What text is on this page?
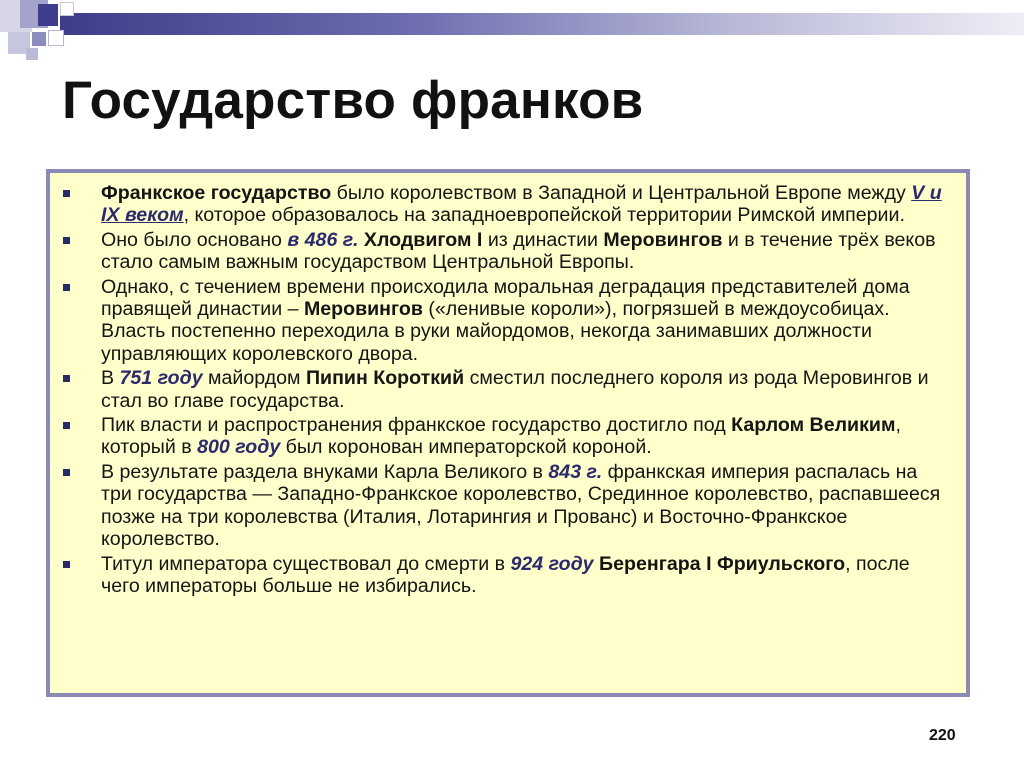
Государство франков
Франкское государство было королевством в Западной и Центральной Европе между V и IX веком, которое образовалось на западноевропейской территории Римской империи.
Оно было основано в 486 г. Хлодвигом I из династии Меровингов и в течение трёх веков стало самым важным государством Центральной Европы.
Однако, с течением времени происходила моральная деградация представителей дома правящей династии – Меровингов («ленивые короли»), погрязшей в междоусобицах. Власть постепенно переходила в руки майордомов, некогда занимавших должности управляющих королевского двора.
В 751 году майордом Пипин Короткий сместил последнего короля из рода Меровингов и стал во главе государства.
Пик власти и распространения франкское государство достигло под Карлом Великим, который в 800 году был коронован императорской короной.
В результате раздела внуками Карла Великого в 843 г. франкская империя распалась на три государства — Западно-Франкское королевство, Срединное королевство, распавшееся позже на три королевства (Италия, Лотарингия и Прованс) и Восточно-Франкское королевство.
Титул императора существовал до смерти в 924 году Беренгара I Фриульского, после чего императоры больше не избирались.
220
